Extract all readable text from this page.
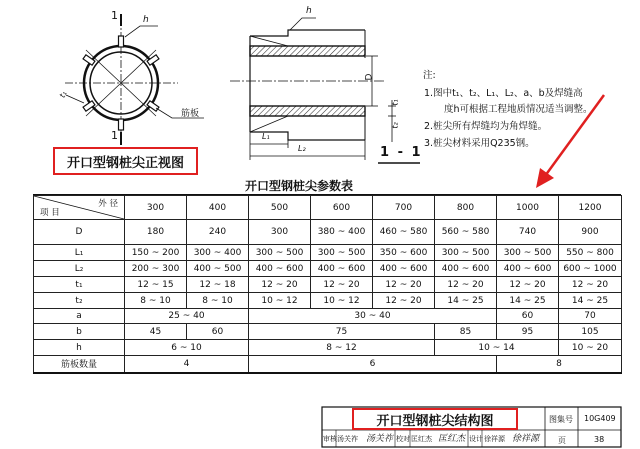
1
1
h
t₁
筋板
开口型钢桩尖正视图
h
D
t₁
t₂
L₁
L₂	1 - 1
注:
1.图中t₁、t₂、L₁、L₂、a、b及焊缝高
度h可根据工程地质情况适当调整。
2.桩尖所有焊缝均为角焊缝。
3.桩尖材料采用Q235钢。
开口型钢桩尖参数表
外 径
项 目	300	400	500	600	700	800	1000	1200
D	180	240	300	380 ~ 400	460 ~ 580	560 ~ 580	740	900
L₁	150 ~ 200	300 ~ 400	300 ~ 500	300 ~ 500	350 ~ 600	300 ~ 500	300 ~ 500	550 ~ 800
L₂	200 ~ 300	400 ~ 500	400 ~ 600	400 ~ 600	400 ~ 600	400 ~ 600	400 ~ 600	600 ~ 1000
t₁	12 ~ 15	12 ~ 18	12 ~ 20	12 ~ 20	12 ~ 20	12 ~ 20	12 ~ 20	12 ~ 20
t₂	8 ~ 10	8 ~ 10	10 ~ 12	10 ~ 12	12 ~ 20	14 ~ 25	14 ~ 25	14 ~ 25
a	25 ~ 40		30 ~ 40				60	70
b	45	60	75			85	95	105
h	6 ~ 10		8 ~ 12			10 ~ 14		10 ~ 20
筋板数量	4		6				8	
开口型钢桩尖结构图	图集号 10G409
页	38
审核 汤关祚 汤关祚 校对 匡红杰 匡红杰 设计 徐祥源 徐祥源
